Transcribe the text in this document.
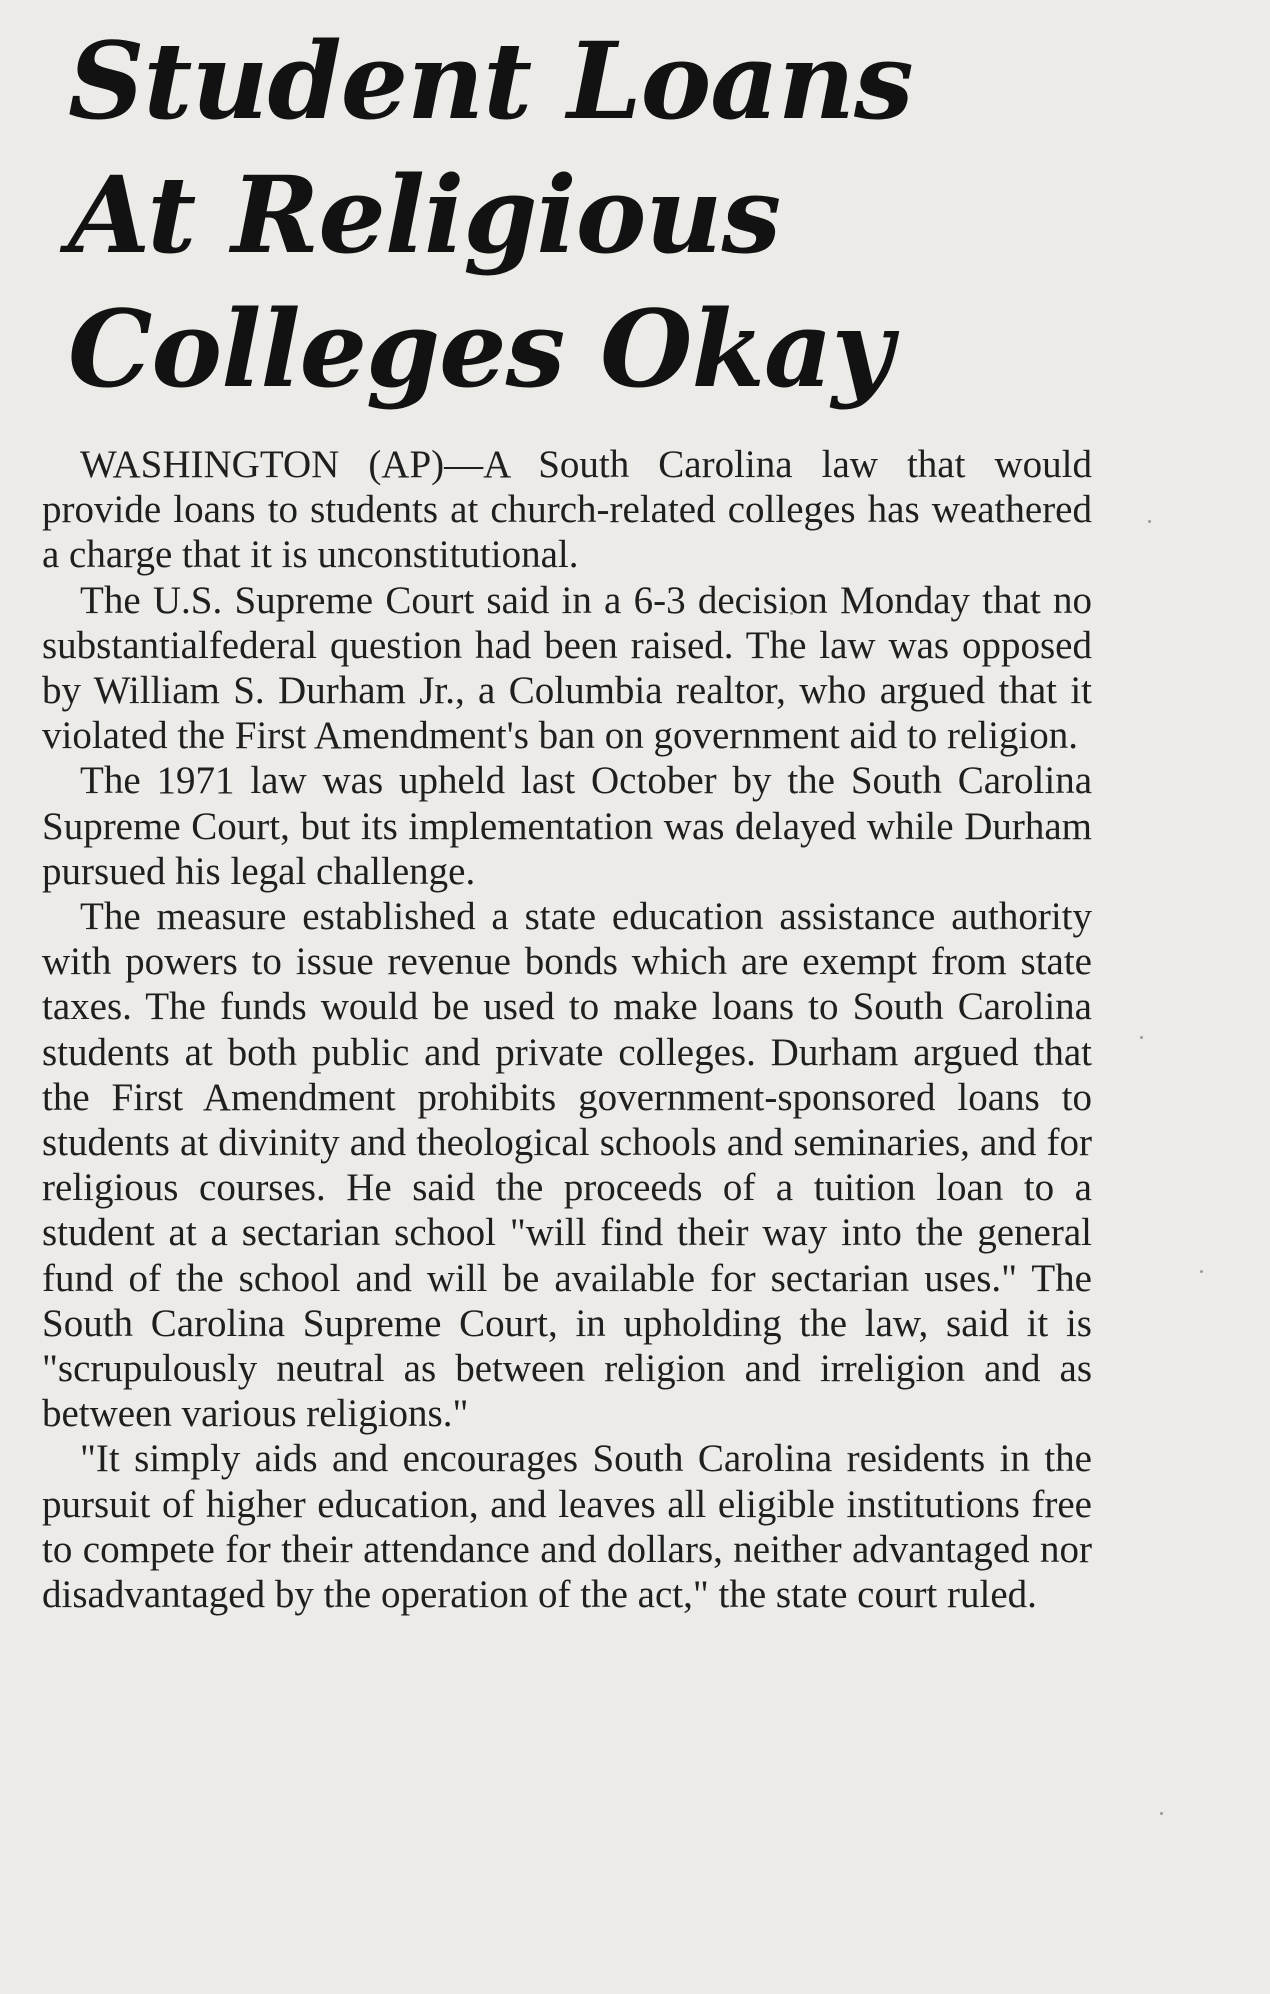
Student Loans
At Religious
Colleges Okay

WASHINGTON (AP)—A South Carolina law that would provide loans to students at church-related colleges has weathered a charge that it is unconstitutional.

The U.S. Supreme Court said in a 6-3 decision Monday that no substantialfederal question had been raised. The law was opposed by William S. Durham Jr., a Columbia realtor, who argued that it violated the First Amendment's ban on government aid to religion.

The 1971 law was upheld last October by the South Carolina Supreme Court, but its implementation was delayed while Durham pursued his legal challenge.

The measure established a state education assistance authority with powers to issue revenue bonds which are exempt from state taxes. The funds would be used to make loans to South Carolina students at both public and private colleges. Durham argued that the First Amendment prohibits government-sponsored loans to students at divinity and theological schools and seminaries, and for religious courses. He said the proceeds of a tuition loan to a student at a sectarian school "will find their way into the general fund of the school and will be available for sectarian uses." The South Carolina Supreme Court, in upholding the law, said it is "scrupulously neutral as between religion and irreligion and as between various religions."

"It simply aids and encourages South Carolina residents in the pursuit of higher education, and leaves all eligible institutions free to compete for their attendance and dollars, neither advantaged nor disadvantaged by the operation of the act," the state court ruled.
